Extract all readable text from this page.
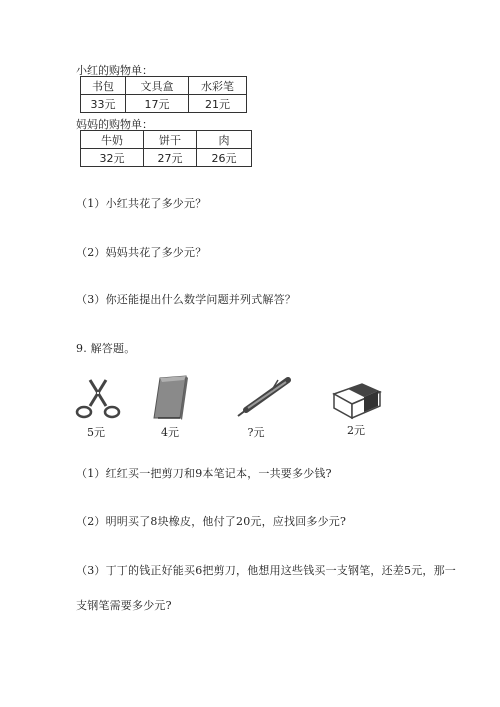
小红的购物单：
书包	文具盒	水彩笔
33元	17元	21元
妈妈的购物单：
牛奶	饼干	肉
32元	27元	26元
（1）小红共花了多少元？
（2）妈妈共花了多少元？
（3）你还能提出什么数学问题并列式解答？
9. 解答题。
5元	4元	?元	2元
（1）红红买一把剪刀和9本笔记本，一共要多少钱?
（2）明明买了8块橡皮，他付了20元，应找回多少元?
（3）丁丁的钱正好能买6把剪刀，他想用这些钱买一支钢笔，还差5元，那一
支钢笔需要多少元?
